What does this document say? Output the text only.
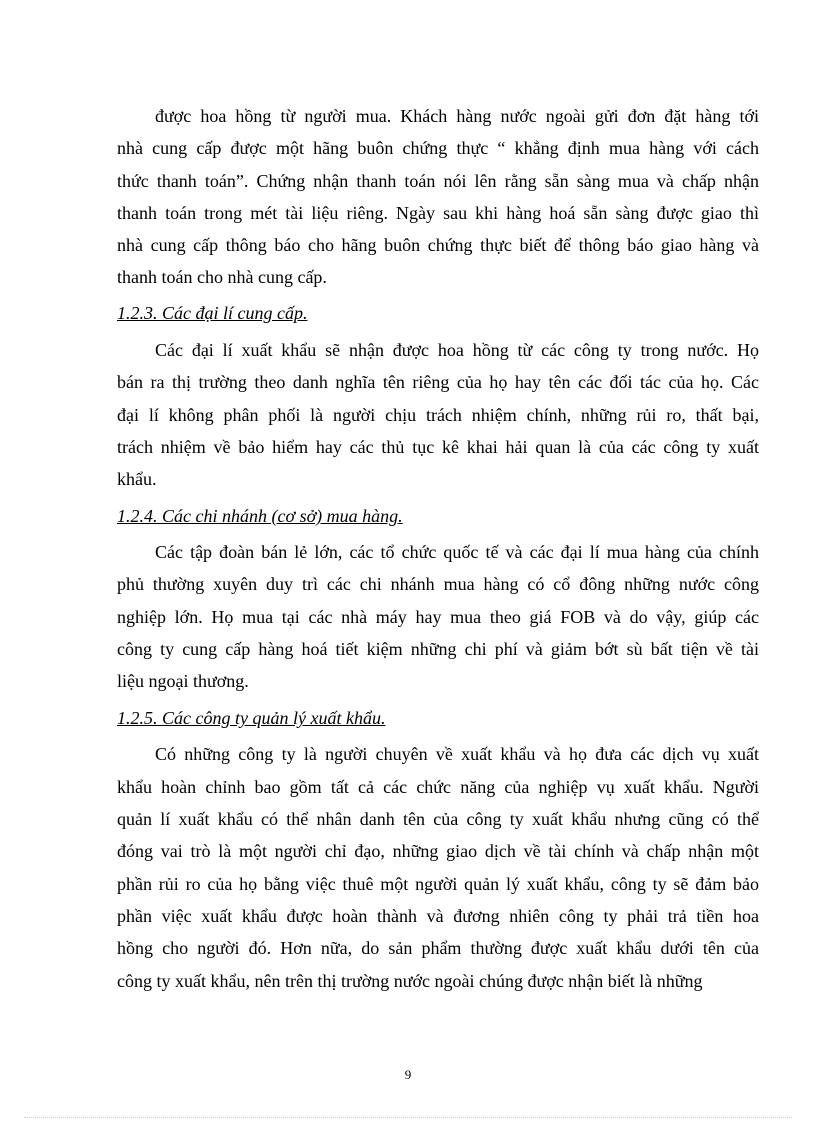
được hoa hồng từ người mua. Khách hàng nước ngoài gửi đơn đặt hàng tới
nhà cung cấp được một hãng buôn chứng thực “ khẳng định mua hàng với cách
thức thanh toán”. Chứng nhận thanh toán nói lên rằng sẵn sàng mua và chấp nhận
thanh toán trong mét tài liệu riêng. Ngày sau khi hàng hoá sẵn sàng được giao thì
nhà cung cấp thông báo cho hãng buôn chứng thực biết để thông báo giao hàng và
thanh toán cho nhà cung cấp.
1.2.3. Các đại lí cung cấp.
Các đại lí xuất khẩu sẽ nhận được hoa hồng từ các công ty trong nước. Họ
bán ra thị trường theo danh nghĩa tên riêng của họ hay tên các đối tác của họ. Các
đại lí không phân phối là người chịu trách nhiệm chính, những rủi ro, thất bại,
trách nhiệm về bảo hiểm hay các thủ tục kê khai hải quan là của các công ty xuất
khẩu.
1.2.4. Các chi nhánh (cơ sở) mua hàng.
Các tập đoàn bán lẻ lớn, các tổ chức quốc tế và các đại lí mua hàng của chính
phủ thường xuyên duy trì các chi nhánh mua hàng có cổ đông những nước công
nghiệp lớn. Họ mua tại các nhà máy hay mua theo giá FOB và do vậy, giúp các
công ty cung cấp hàng hoá tiết kiệm những chi phí và giảm bớt sù bất tiện về tài
liệu ngoại thương.
1.2.5. Các công ty quản lý xuất khẩu.
Có những công ty là người chuyên về xuất khẩu và họ đưa các dịch vụ xuất
khẩu hoàn chỉnh bao gồm tất cả các chức năng của nghiệp vụ xuất khẩu. Người
quản lí xuất khẩu có thể nhân danh tên của công ty xuất khẩu nhưng cũng có thể
đóng vai trò là một người chỉ đạo, những giao dịch về tài chính và chấp nhận một
phần rủi ro của họ bằng việc thuê một người quản lý xuất khẩu, công ty sẽ đảm bảo
phần việc xuất khẩu được hoàn thành và đương nhiên công ty phải trả tiền hoa
hồng cho người đó. Hơn nữa, do sản phẩm thường được xuất khẩu dưới tên của
công ty xuất khẩu, nên trên thị trường nước ngoài chúng được nhận biết là những
9
